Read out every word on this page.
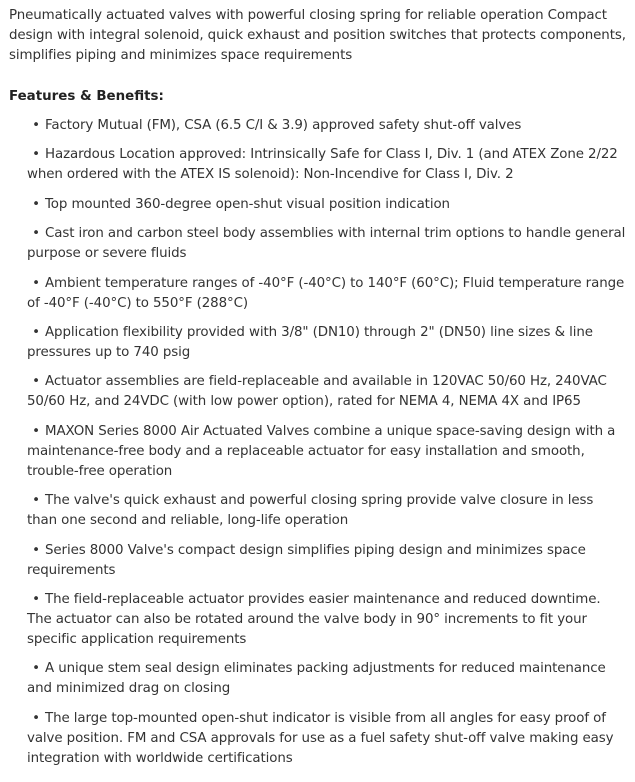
Pneumatically actuated valves with powerful closing spring for reliable operation Compact design with integral solenoid, quick exhaust and position switches that protects components, simplifies piping and minimizes space requirements

Features & Benefits:
• Factory Mutual (FM), CSA (6.5 C/I & 3.9) approved safety shut-off valves
• Hazardous Location approved: Intrinsically Safe for Class I, Div. 1 (and ATEX Zone 2/22 when ordered with the ATEX IS solenoid): Non-Incendive for Class I, Div. 2
• Top mounted 360-degree open-shut visual position indication
• Cast iron and carbon steel body assemblies with internal trim options to handle general purpose or severe fluids
• Ambient temperature ranges of -40°F (-40°C) to 140°F (60°C); Fluid temperature range of -40°F (-40°C) to 550°F (288°C)
• Application flexibility provided with 3/8" (DN10) through 2" (DN50) line sizes & line pressures up to 740 psig
• Actuator assemblies are field-replaceable and available in 120VAC 50/60 Hz, 240VAC 50/60 Hz, and 24VDC (with low power option), rated for NEMA 4, NEMA 4X and IP65
• MAXON Series 8000 Air Actuated Valves combine a unique space-saving design with a maintenance-free body and a replaceable actuator for easy installation and smooth, trouble-free operation
• The valve's quick exhaust and powerful closing spring provide valve closure in less than one second and reliable, long-life operation
• Series 8000 Valve's compact design simplifies piping design and minimizes space requirements
• The field-replaceable actuator provides easier maintenance and reduced downtime. The actuator can also be rotated around the valve body in 90° increments to fit your specific application requirements
• A unique stem seal design eliminates packing adjustments for reduced maintenance and minimized drag on closing
• The large top-mounted open-shut indicator is visible from all angles for easy proof of valve position. FM and CSA approvals for use as a fuel safety shut-off valve making easy integration with worldwide certifications
